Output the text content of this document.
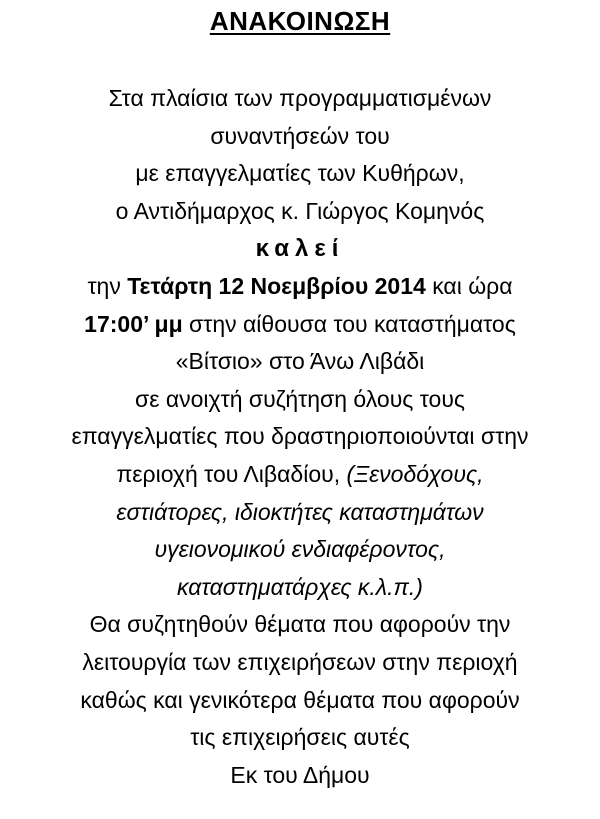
ΑΝΑΚΟΙΝΩΣΗ

Στα πλαίσια των προγραμματισμένων

συναντήσεών του

με επαγγελματίες των Κυθήρων,

ο Αντιδήμαρχος κ. Γιώργος Κομηνός

καλεί

την Τετάρτη 12 Νοεμβρίου 2014 και ώρα

17:00’ μμ στην αίθουσα του καταστήματος

«Βίτσιο» στο Άνω Λιβάδι

σε ανοιχτή συζήτηση όλους τους

επαγγελματίες που δραστηριοποιούνται στην

περιοχή του Λιβαδίου, (Ξενοδόχους,

εστιάτορες, ιδιοκτήτες καταστημάτων

υγειονομικού ενδιαφέροντος,

καταστηματάρχες κ.λ.π.)

Θα συζητηθούν θέματα που αφορούν την

λειτουργία των επιχειρήσεων στην περιοχή

καθώς και γενικότερα θέματα που αφορούν

τις επιχειρήσεις αυτές

Εκ του Δήμου
